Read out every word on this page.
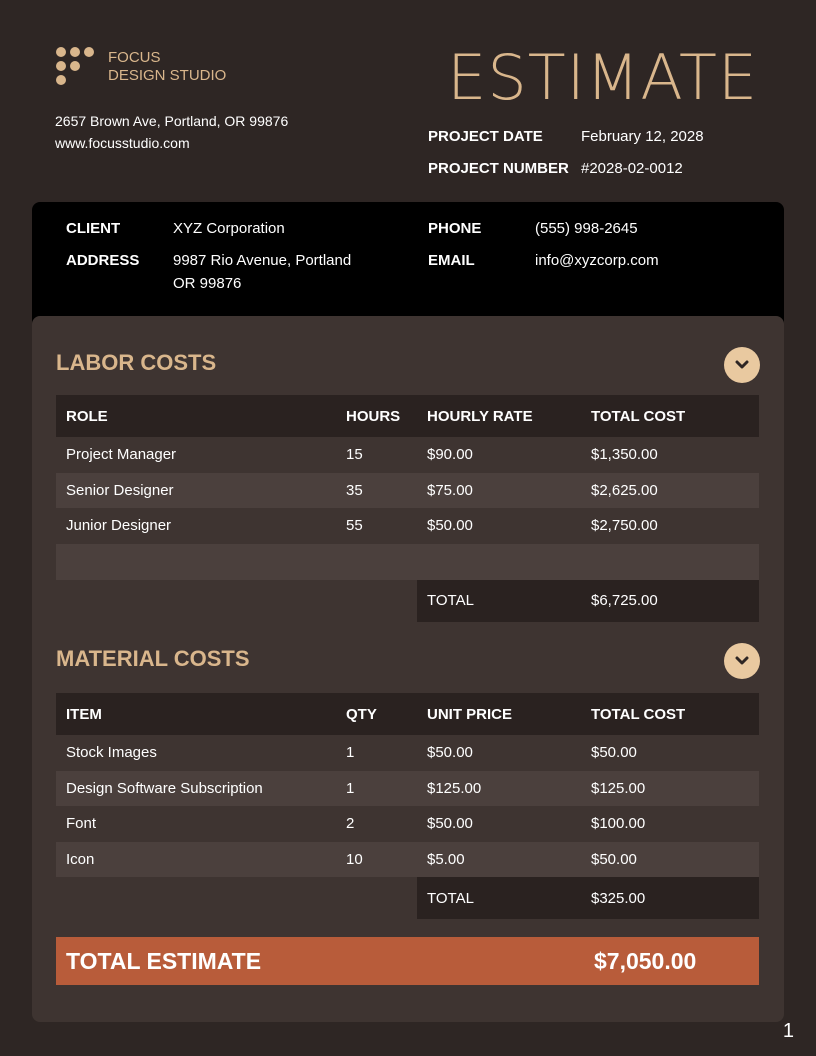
FOCUS
DESIGN STUDIO
2657 Brown Ave, Portland, OR 99876
www.focusstudio.com
ESTIMATE
PROJECT DATE	February 12, 2028
PROJECT NUMBER #2028-02-0012
CLIENT	XYZ Corporation
ADDRESS 9987 Rio Avenue, Portland
OR 99876
PHONE	(555) 998-2645
EMAIL	info@xyzcorp.com
LABOR COSTS
ROLE	HOURS	HOURLY RATE	TOTAL COST
Project Manager	15	$90.00	$1,350.00
Senior Designer	35	$75.00	$2,625.00
Junior Designer	55	$50.00	$2,750.00

		TOTAL	$6,725.00
MATERIAL COSTS
ITEM	QTY	UNIT PRICE	TOTAL COST
Stock Images	1	$50.00	$50.00
Design Software Subscription	1	$125.00	$125.00
Font	2	$50.00	$100.00
Icon	10	$5.00	$50.00
		TOTAL	$325.00
TOTAL ESTIMATE	$7,050.00
1
